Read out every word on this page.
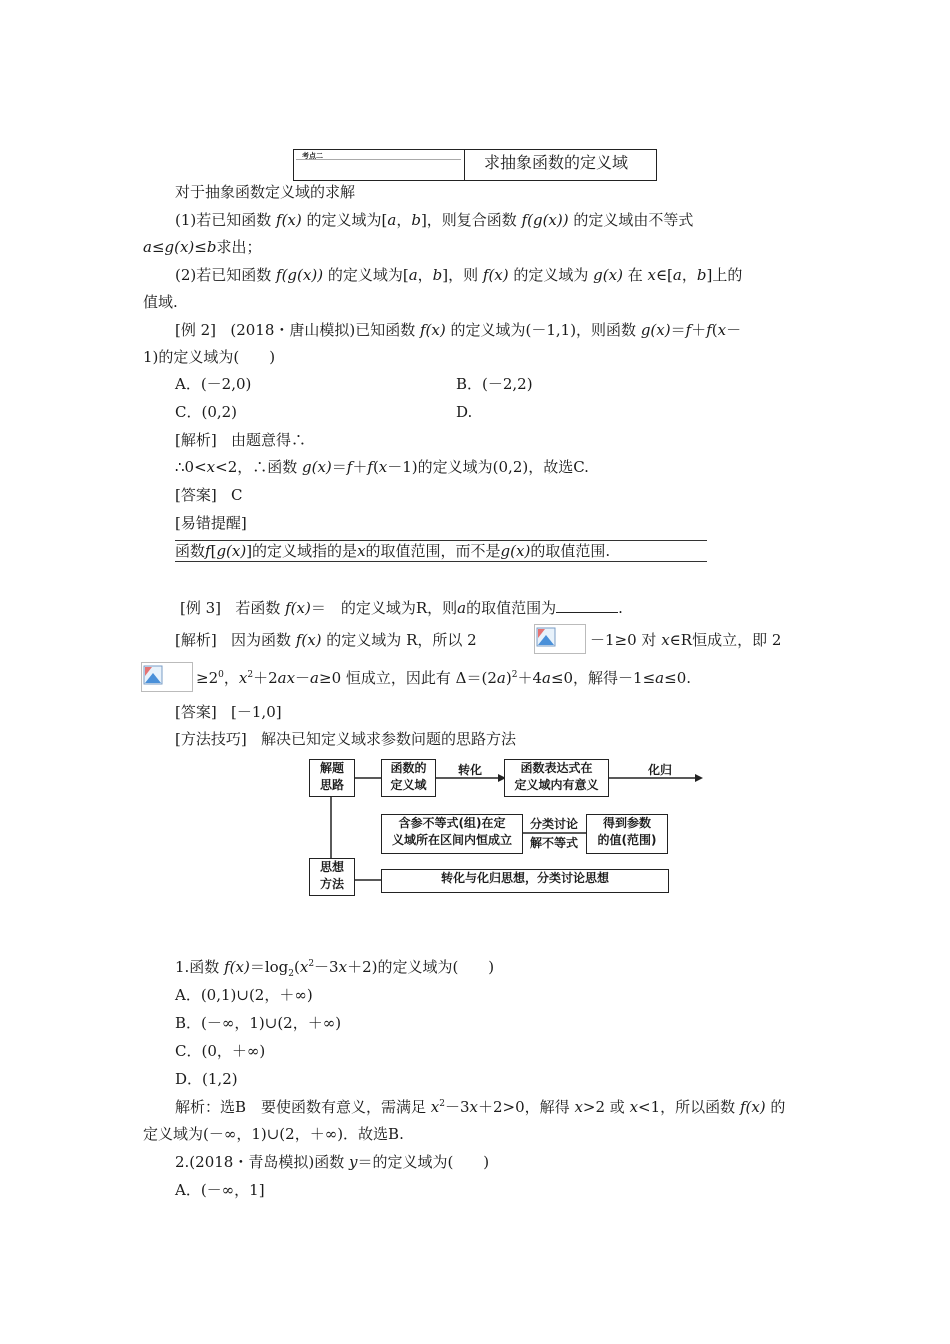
考点二	求抽象函数的定义域
对于抽象函数定义域的求解
(1)若已知函数 f(x) 的定义域为[a，b]，则复合函数 f(g(x)) 的定义域由不等式
a≤g(x)≤b求出；
(2)若已知函数 f(g(x)) 的定义域为[a，b]，则 f(x) 的定义域为 g(x) 在 x∈[a，b]上的
值域.
[例 2] (2018・唐山模拟)已知函数 f(x) 的定义域为(－1,1)，则函数 g(x)＝f＋f(x－
1)的定义域为(　　)
A．(－2,0)	B．(－2,2)
C．(0,2)	D.
[解析] 由题意得∴
∴0<x<2，∴函数 g(x)＝f＋f(x－1)的定义域为(0,2)，故选C.
[答案] C
[易错提醒]
函数f[g(x)]的定义域指的是x的取值范围，而不是g(x)的取值范围.
[例 3] 若函数 f(x)＝　的定义域为R，则a的取值范围为	.
[解析] 因为函数 f(x) 的定义域为 R，所以 2	－1≥0 对 x∈R恒成立，即 2
$\ge 2^0$，$x^2+2ax-a\ge 0$ 恒成立，因此有 $\Delta=(2a)^2+4a\le 0$，解得－1≤a≤0.
[答案] [－1,0]
[方法技巧] 解决已知定义域求参数问题的思路方法
解题
思路
函数的
定义域
转化	函数表达式在
定义域内有意义
化归
含参不等式(组)在定
义域所在区间内恒成立
分类讨论
解不等式
得到参数
的值(范围)
思想
方法	转化与化归思想，分类讨论思想
1.函数 $f(x)=\log_2(x^2-3x+2)$的定义域为(　　)
A．(0,1)∪(2，＋∞)
B．(－∞，1)∪(2，＋∞)
C．(0，＋∞)
D．(1,2)
解析：选B　要使函数有意义，需满足 $x^2-3x+2>0$，解得 x>2 或 x<1，所以函数 f(x) 的
定义域为(－∞，1)∪(2，＋∞)．故选B.
2.(2018・青岛模拟)函数 y＝的定义域为(　　)
A．(－∞，1]
